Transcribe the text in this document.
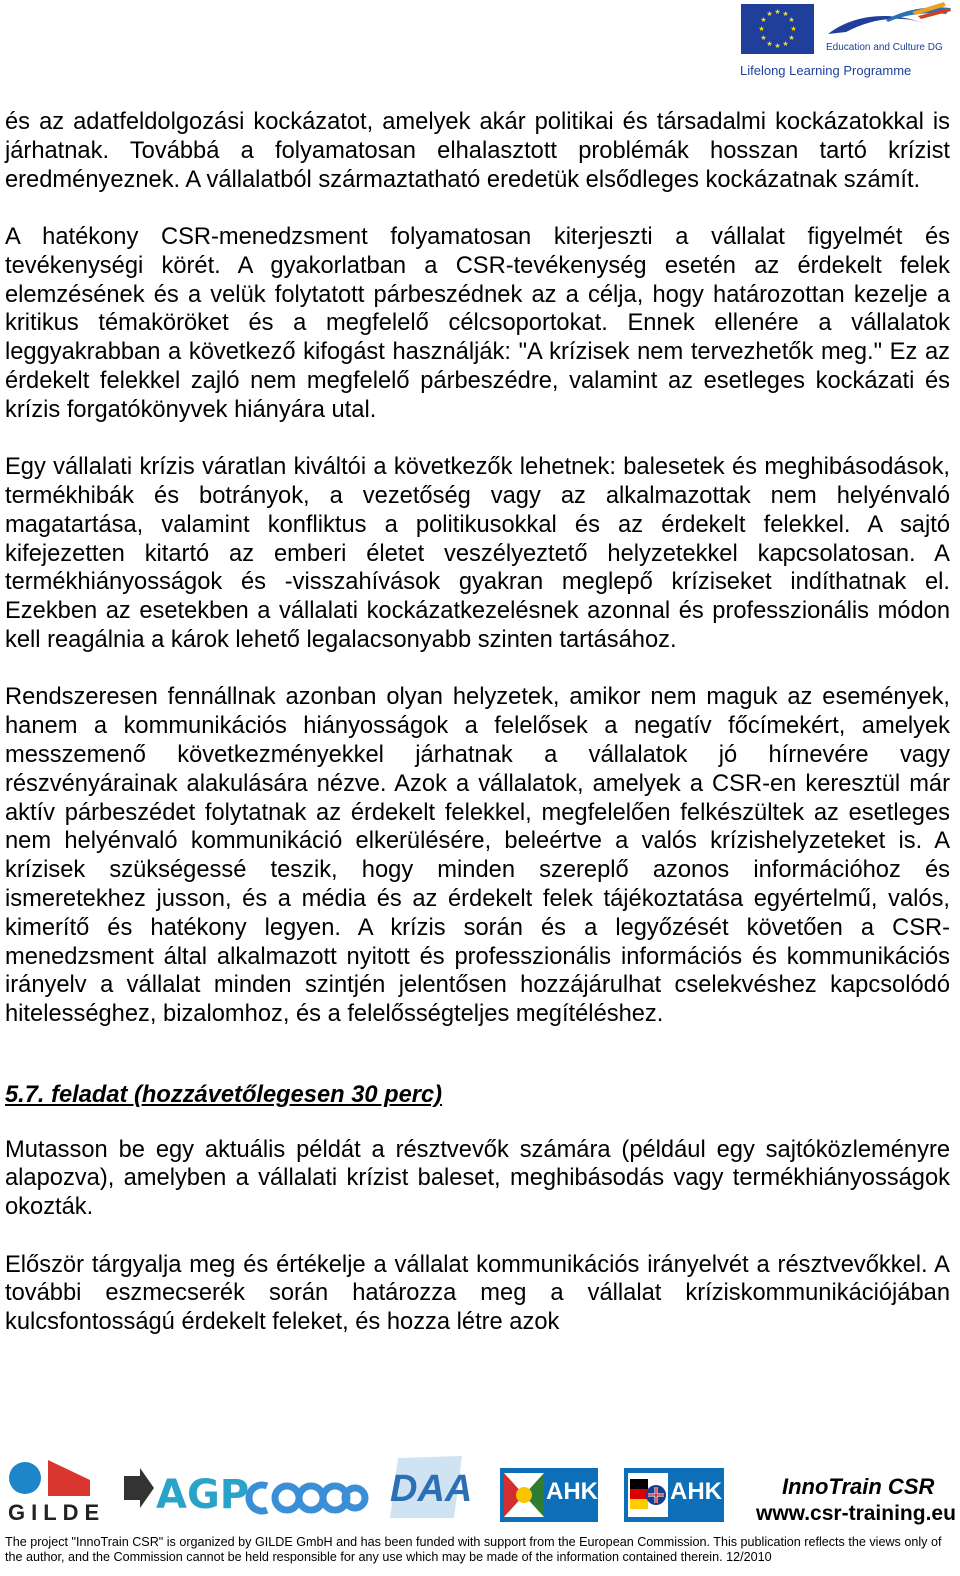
★ ★
★
★
★
★
★
★
★
★
★
★
Education and Culture DG
Lifelong Learning Programme

és az adatfeldolgozási kockázatot, amelyek akár politikai és társadalmi kockázatokkal is járhatnak. Továbbá a folyamatosan elhalasztott problémák hosszan tartó krízist eredményeznek. A vállalatból származtatható eredetük elsődleges kockázatnak számít.

A hatékony CSR-menedzsment folyamatosan kiterjeszti a vállalat figyelmét és tevékenységi körét. A gyakorlatban a CSR-tevékenység esetén az érdekelt felek elemzésének és a velük folytatott párbeszédnek az a célja, hogy határozottan kezelje a kritikus témaköröket és a megfelelő célcsoportokat. Ennek ellenére a vállalatok leggyakrabban a következő kifogást használják: "A krízisek nem tervezhetők meg." Ez az érdekelt felekkel zajló nem megfelelő párbeszédre, valamint az esetleges kockázati és krízis forgatókönyvek hiányára utal.

Egy vállalati krízis váratlan kiváltói a következők lehetnek: balesetek és meghibásodások, termékhibák és botrányok, a vezetőség vagy az alkalmazottak nem helyénvaló magatartása, valamint konfliktus a politikusokkal és az érdekelt felekkel. A sajtó kifejezetten kitartó az emberi életet veszélyeztető helyzetekkel kapcsolatosan. A termékhiányosságok és -visszahívások gyakran meglepő kríziseket indíthatnak el. Ezekben az esetekben a vállalati kockázatkezelésnek azonnal és professzionális módon kell reagálnia a károk lehető legalacsonyabb szinten tartásához.

Rendszeresen fennállnak azonban olyan helyzetek, amikor nem maguk az események, hanem a kommunikációs hiányosságok a felelősek a negatív főcímekért, amelyek messzemenő következményekkel járhatnak a vállalatok jó hírnevére vagy részvényárainak alakulására nézve. Azok a vállalatok, amelyek a CSR-en keresztül már aktív párbeszédet folytatnak az érdekelt felekkel, megfelelően felkészültek az esetleges nem helyénvaló kommunikáció elkerülésére, beleértve a valós krízishelyzeteket is. A krízisek szükségessé teszik, hogy minden szereplő azonos információhoz és ismeretekhez jusson, és a média és az érdekelt felek tájékoztatása egyértelmű, valós, kimerítő és hatékony legyen. A krízis során és a legyőzését követően a CSR-menedzsment által alkalmazott nyitott és professzionális információs és kommunikációs irányelv a vállalat minden szintjén jelentősen hozzájárulhat cselekvéshez kapcsolódó hitelességhez, bizalomhoz, és a felelősségteljes megítéléshez.

5.7. feladat (hozzávetőlegesen 30 perc)

Mutasson be egy aktuális példát a résztvevők számára (például egy sajtóközleményre alapozva), amelyben a vállalati krízist baleset, meghibásodás vagy termékhiányosságok okozták.

Először tárgyalja meg és értékelje a vállalat kommunikációs irányelvét a résztvevőkkel. A további eszmecserék során határozza meg a vállalat kríziskommunikációjában kulcsfontosságú érdekelt feleket, és hozza létre azok

GILDE AGP	DAA	AHK	AHK	InnoTrain CSR
www.csr-training.eu
The project "InnoTrain CSR" is organized by GILDE GmbH and has been funded with support from the European Commission. This publication reflects the views only of the author, and the Commission cannot be held responsible for any use which may be made of the information contained therein. 12/2010
